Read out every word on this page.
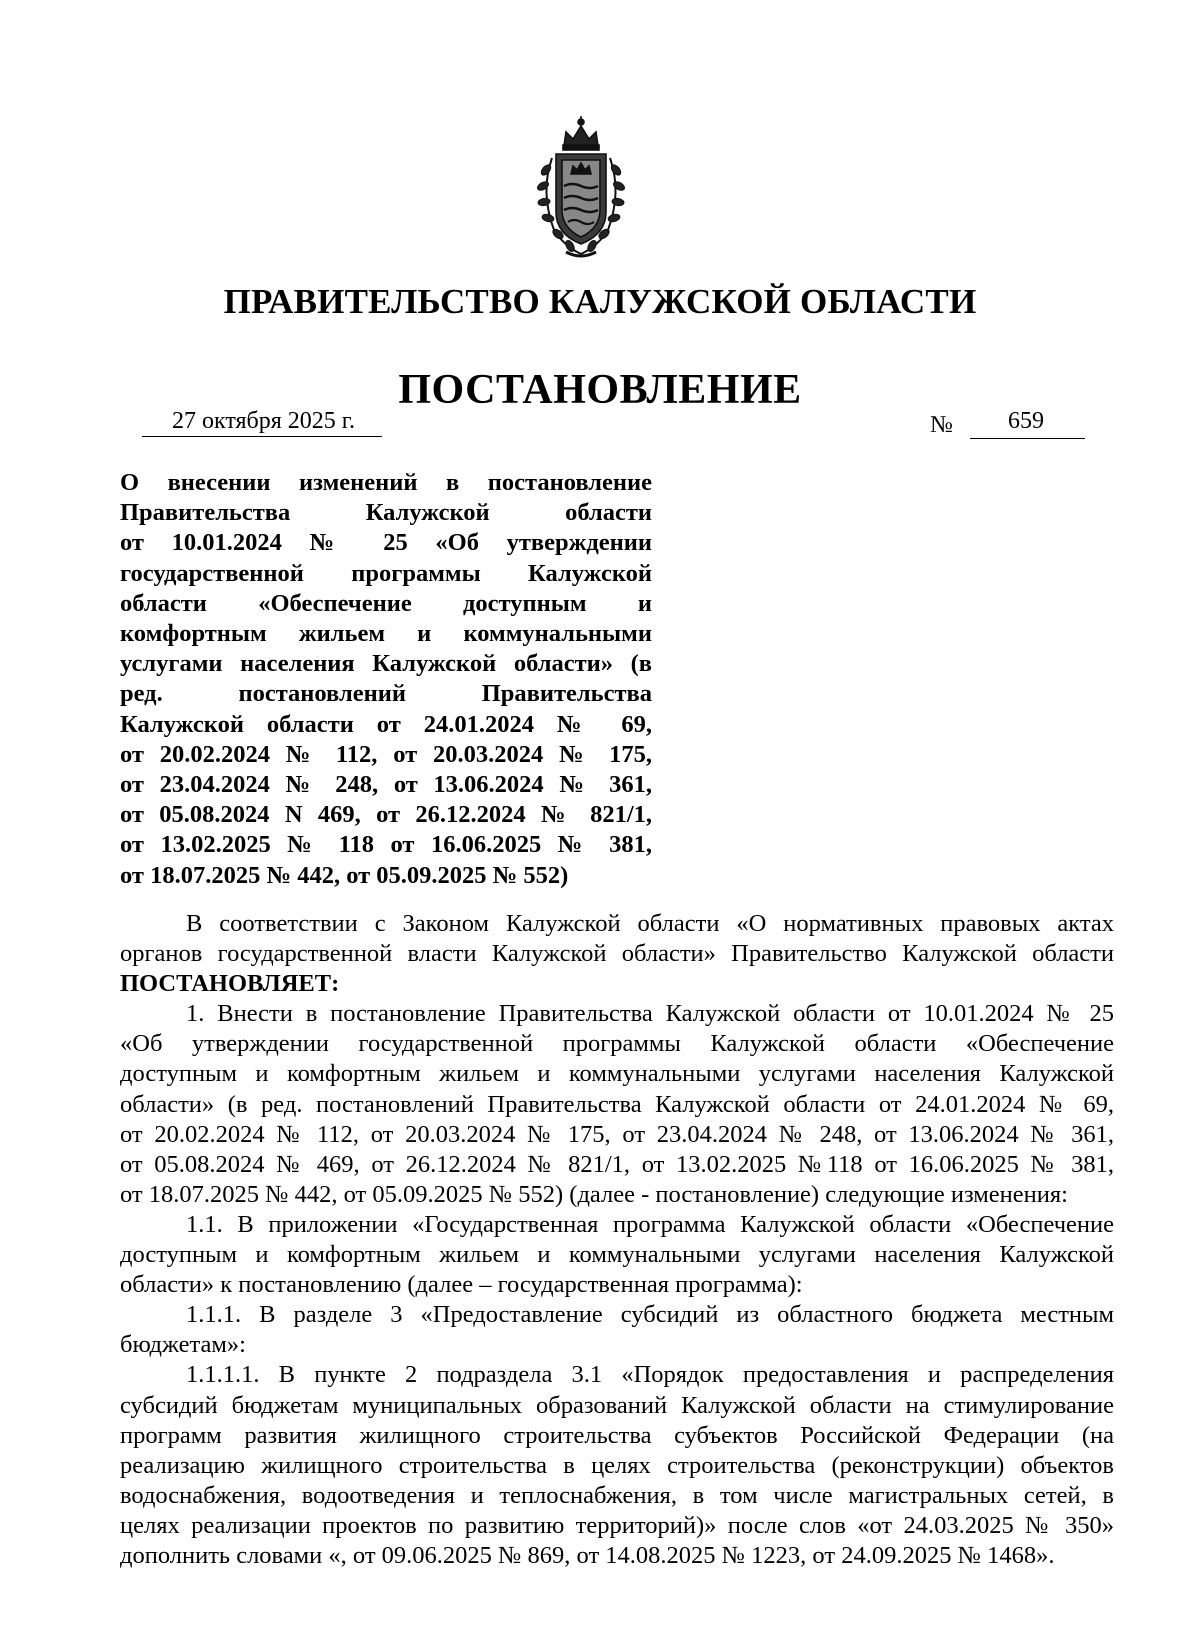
ПРАВИТЕЛЬСТВО КАЛУЖСКОЙ ОБЛАСТИ
ПОСТАНОВЛЕНИЕ
27 октября 2025 г.	№ 659
О внесении изменений в постановление
Правительства Калужской области
от 10.01.2024 № 25 «Об утверждении
государственной программы Калужской
области «Обеспечение доступным и
комфортным жильем и коммунальными
услугами населения Калужской области» (в
ред. постановлений Правительства
Калужской области от 24.01.2024 № 69,
от 20.02.2024 № 112, от 20.03.2024 № 175,
от 23.04.2024 № 248, от 13.06.2024 № 361,
от 05.08.2024 N 469, от 26.12.2024 № 821/1,
от 13.02.2025 № 118 от 16.06.2025 № 381,
от 18.07.2025 № 442, от 05.09.2025 № 552)
В соответствии с Законом Калужской области «О нормативных правовых актах
органов государственной власти Калужской области» Правительство Калужской области
ПОСТАНОВЛЯЕТ:
1. Внести в постановление Правительства Калужской области от 10.01.2024 № 25
«Об утверждении государственной программы Калужской области «Обеспечение
доступным и комфортным жильем и коммунальными услугами населения Калужской
области» (в ред. постановлений Правительства Калужской области от 24.01.2024 № 69,
от 20.02.2024 № 112, от 20.03.2024 № 175, от 23.04.2024 № 248, от 13.06.2024 № 361,
от 05.08.2024 № 469, от 26.12.2024 № 821/1, от 13.02.2025 №118 от 16.06.2025 № 381,
от 18.07.2025 № 442, от 05.09.2025 № 552) (далее - постановление) следующие изменения:
1.1. В приложении «Государственная программа Калужской области «Обеспечение
доступным и комфортным жильем и коммунальными услугами населения Калужской
области» к постановлению (далее – государственная программа):
1.1.1. В разделе 3 «Предоставление субсидий из областного бюджета местным
бюджетам»:
1.1.1.1. В пункте 2 подраздела 3.1 «Порядок предоставления и распределения
субсидий бюджетам муниципальных образований Калужской области на стимулирование
программ развития жилищного строительства субъектов Российской Федерации (на
реализацию жилищного строительства в целях строительства (реконструкции) объектов
водоснабжения, водоотведения и теплоснабжения, в том числе магистральных сетей, в
целях реализации проектов по развитию территорий)» после слов «от 24.03.2025 № 350»
дополнить словами «, от 09.06.2025 № 869, от 14.08.2025 № 1223, от 24.09.2025 № 1468».
